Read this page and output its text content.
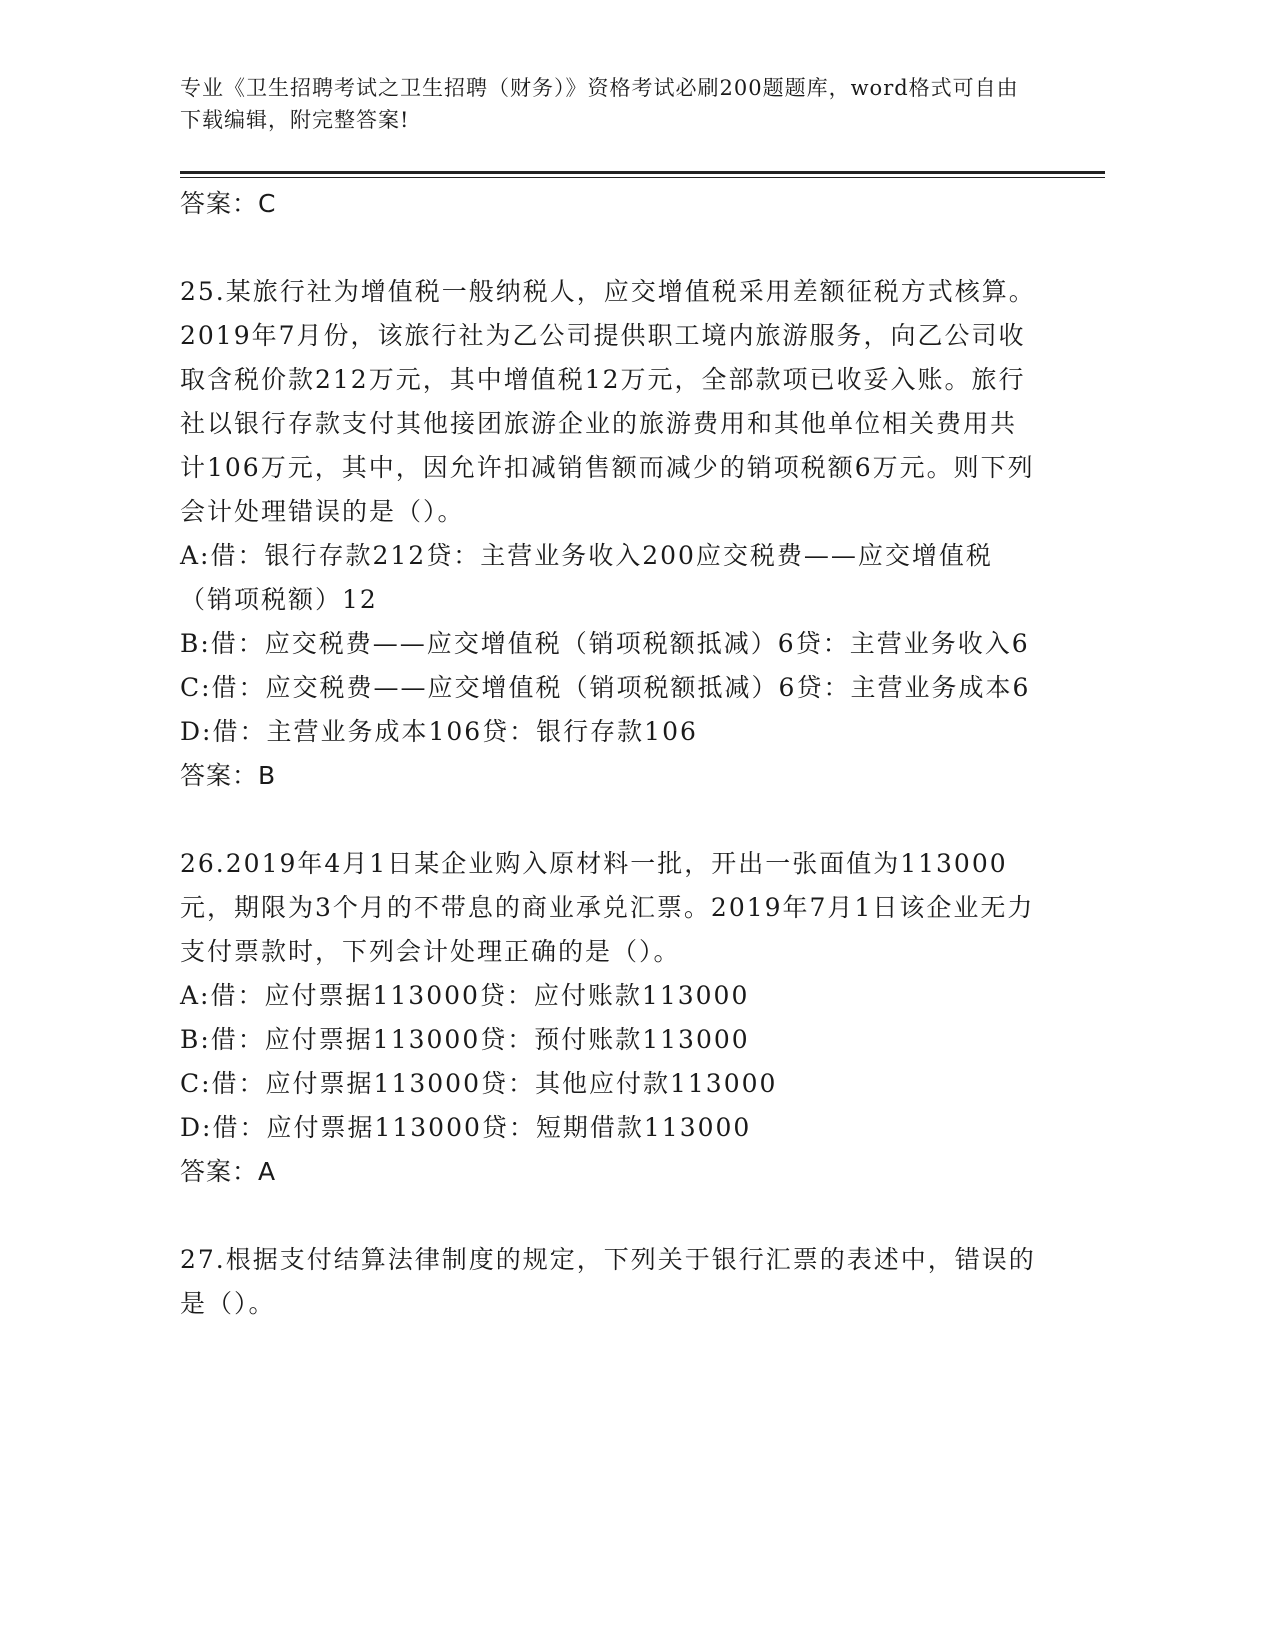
专业《卫生招聘考试之卫生招聘（财务）》资格考试必刷200题题库，word格式可自由下载编辑，附完整答案!
答案：C
25.某旅行社为增值税一般纳税人，应交增值税采用差额征税方式核算。2019年7月份，该旅行社为乙公司提供职工境内旅游服务，向乙公司收取含税价款212万元，其中增值税12万元，全部款项已收妥入账。旅行社以银行存款支付其他接团旅游企业的旅游费用和其他单位相关费用共计106万元，其中，因允许扣减销售额而减少的销项税额6万元。则下列会计处理错误的是（）。
A:借：银行存款212贷：主营业务收入200应交税费——应交增值税（销项税额）12
B:借：应交税费——应交增值税（销项税额抵减）6贷：主营业务收入6
C:借：应交税费——应交增值税（销项税额抵减）6贷：主营业务成本6
D:借：主营业务成本106贷：银行存款106
答案：B
26.2019年4月1日某企业购入原材料一批，开出一张面值为113000元，期限为3个月的不带息的商业承兑汇票。2019年7月1日该企业无力支付票款时，下列会计处理正确的是（）。
A:借：应付票据113000贷：应付账款113000
B:借：应付票据113000贷：预付账款113000
C:借：应付票据113000贷：其他应付款113000
D:借：应付票据113000贷：短期借款113000
答案：A
27.根据支付结算法律制度的规定，下列关于银行汇票的表述中，错误的是（）。
